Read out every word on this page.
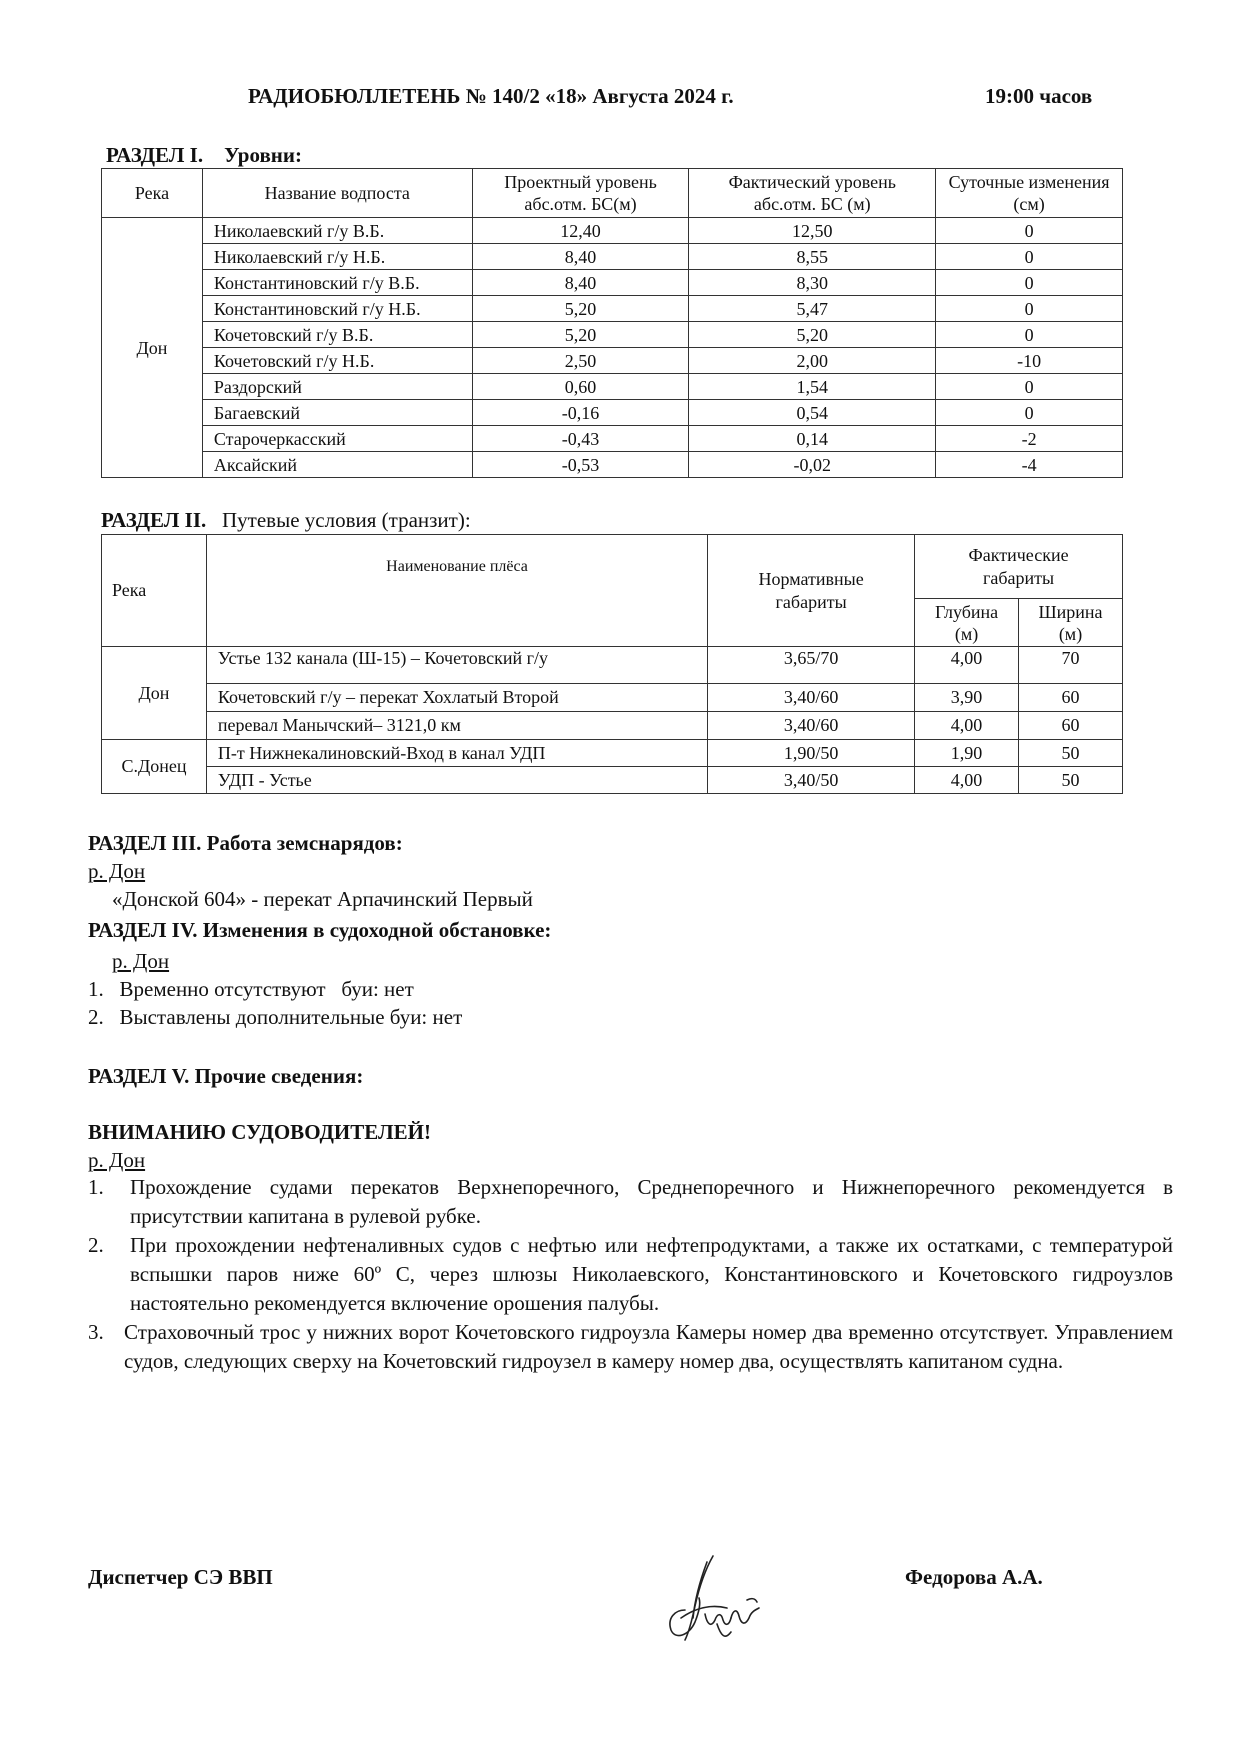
РАДИОБЮЛЛЕТЕНЬ № 140/2 «18» Августа 2024 г.	19:00 часов
РАЗДЕЛ I. Уровни:
Река	Название водпоста	Проектный уровень абс.отм. БС(м)	Фактический уровень абс.отм. БС (м)	Суточные изменения (см)
Дон	Николаевский г/у В.Б.	12,40	12,50	0
	Николаевский г/у Н.Б.	8,40	8,55	0
	Константиновский г/у В.Б.	8,40	8,30	0
	Константиновский г/у Н.Б.	5,20	5,47	0
	Кочетовский г/у В.Б.	5,20	5,20	0
	Кочетовский г/у Н.Б.	2,50	2,00	-10
	Раздорский	0,60	1,54	0
	Багаевский	-0,16	0,54	0
	Старочеркасский	-0,43	0,14	-2
	Аксайский	-0,53	-0,02	-4
РАЗДЕЛ II. Путевые условия (транзит):
Река	Наименование плёса	Нормативные габариты	Фактические габариты	
			Глубина (м)	Ширина (м)
Дон	Устье 132 канала (Ш-15) – Кочетовский г/у	3,65/70	4,00	70
	Кочетовский г/у – перекат Хохлатый Второй	3,40/60	3,90	60
	перевал Манычский– 3121,0 км	3,40/60	4,00	60
С.Донец	П-т Нижнекалиновский-Вход в канал УДП	1,90/50	1,90	50
	УДП - Устье	3,40/50	4,00	50
РАЗДЕЛ III. Работа земснарядов:
р. Дон
«Донской 604» - перекат Арпачинский Первый
РАЗДЕЛ IV. Изменения в судоходной обстановке:
р. Дон
1.   Временно отсутствуют   буи: нет
2.   Выставлены дополнительные буи: нет
РАЗДЕЛ V. Прочие сведения:
ВНИМАНИЮ СУДОВОДИТЕЛЕЙ!
р. Дон
1. Прохождение судами перекатов Верхнепоречного, Среднепоречного и Нижнепоречного рекомендуется в присутствии капитана в рулевой рубке.
2. При прохождении нефтеналивных судов с нефтью или нефтепродуктами, а также их остатками, с температурой вспышки паров ниже 60º С, через шлюзы Николаевского, Константиновского и Кочетовского гидроузлов настоятельно рекомендуется включение орошения палубы.
3. Страховочный трос у нижних ворот Кочетовского гидроузла Камеры номер два временно отсутствует. Управлением судов, следующих сверху на Кочетовский гидроузел в камеру номер два, осуществлять капитаном судна.
Диспетчер СЭ ВВП	Федорова А.А.
